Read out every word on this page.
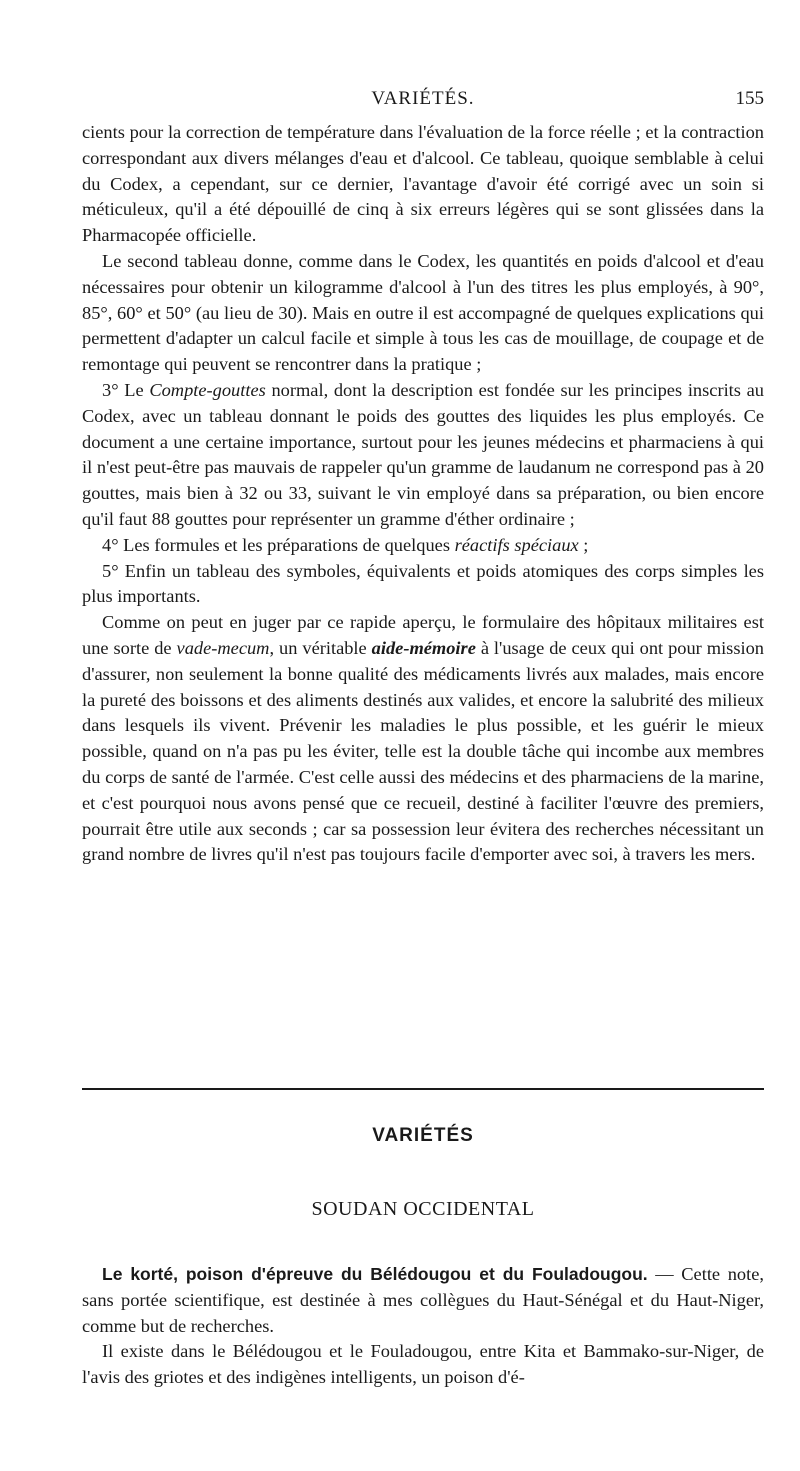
VARIÉTÉS.	155

cients pour la correction de température dans l'évaluation de la force réelle ; et la contraction correspondant aux divers mélanges d'eau et d'alcool. Ce tableau, quoique semblable à celui du Codex, a cependant, sur ce dernier, l'avantage d'avoir été corrigé avec un soin si méticuleux, qu'il a été dépouillé de cinq à six erreurs légères qui se sont glissées dans la Pharmacopée officielle.

Le second tableau donne, comme dans le Codex, les quantités en poids d'alcool et d'eau nécessaires pour obtenir un kilogramme d'alcool à l'un des titres les plus employés, à 90°, 85°, 60° et 50° (au lieu de 30). Mais en outre il est accompagné de quelques explications qui permettent d'adapter un calcul facile et simple à tous les cas de mouillage, de coupage et de remontage qui peuvent se rencontrer dans la pratique ;

3° Le Compte-gouttes normal, dont la description est fondée sur les principes inscrits au Codex, avec un tableau donnant le poids des gouttes des liquides les plus employés. Ce document a une certaine importance, surtout pour les jeunes médecins et pharmaciens à qui il n'est peut-être pas mauvais de rappeler qu'un gramme de laudanum ne correspond pas à 20 gouttes, mais bien à 32 ou 33, suivant le vin employé dans sa préparation, ou bien encore qu'il faut 88 gouttes pour représenter un gramme d'éther ordinaire ;

4° Les formules et les préparations de quelques réactifs spéciaux ;

5° Enfin un tableau des symboles, équivalents et poids atomiques des corps simples les plus importants.

Comme on peut en juger par ce rapide aperçu, le formulaire des hôpitaux militaires est une sorte de vade-mecum, un véritable aide-mémoire à l'usage de ceux qui ont pour mission d'assurer, non seulement la bonne qualité des médicaments livrés aux malades, mais encore la pureté des boissons et des aliments destinés aux valides, et encore la salubrité des milieux dans lesquels ils vivent. Prévenir les maladies le plus possible, et les guérir le mieux possible, quand on n'a pas pu les éviter, telle est la double tâche qui incombe aux membres du corps de santé de l'armée. C'est celle aussi des médecins et des pharmaciens de la marine, et c'est pourquoi nous avons pensé que ce recueil, destiné à faciliter l'œuvre des premiers, pourrait être utile aux seconds ; car sa possession leur évitera des recherches nécessitant un grand nombre de livres qu'il n'est pas toujours facile d'emporter avec soi, à travers les mers.

VARIÉTÉS
SOUDAN OCCIDENTAL

Le korté, poison d'épreuve du Bélédougou et du Fouladougou. — Cette note, sans portée scientifique, est destinée à mes collègues du Haut-Sénégal et du Haut-Niger, comme but de recherches.

Il existe dans le Bélédougou et le Fouladougou, entre Kita et Bammako-sur-Niger, de l'avis des griotes et des indigènes intelligents, un poison d'é-
